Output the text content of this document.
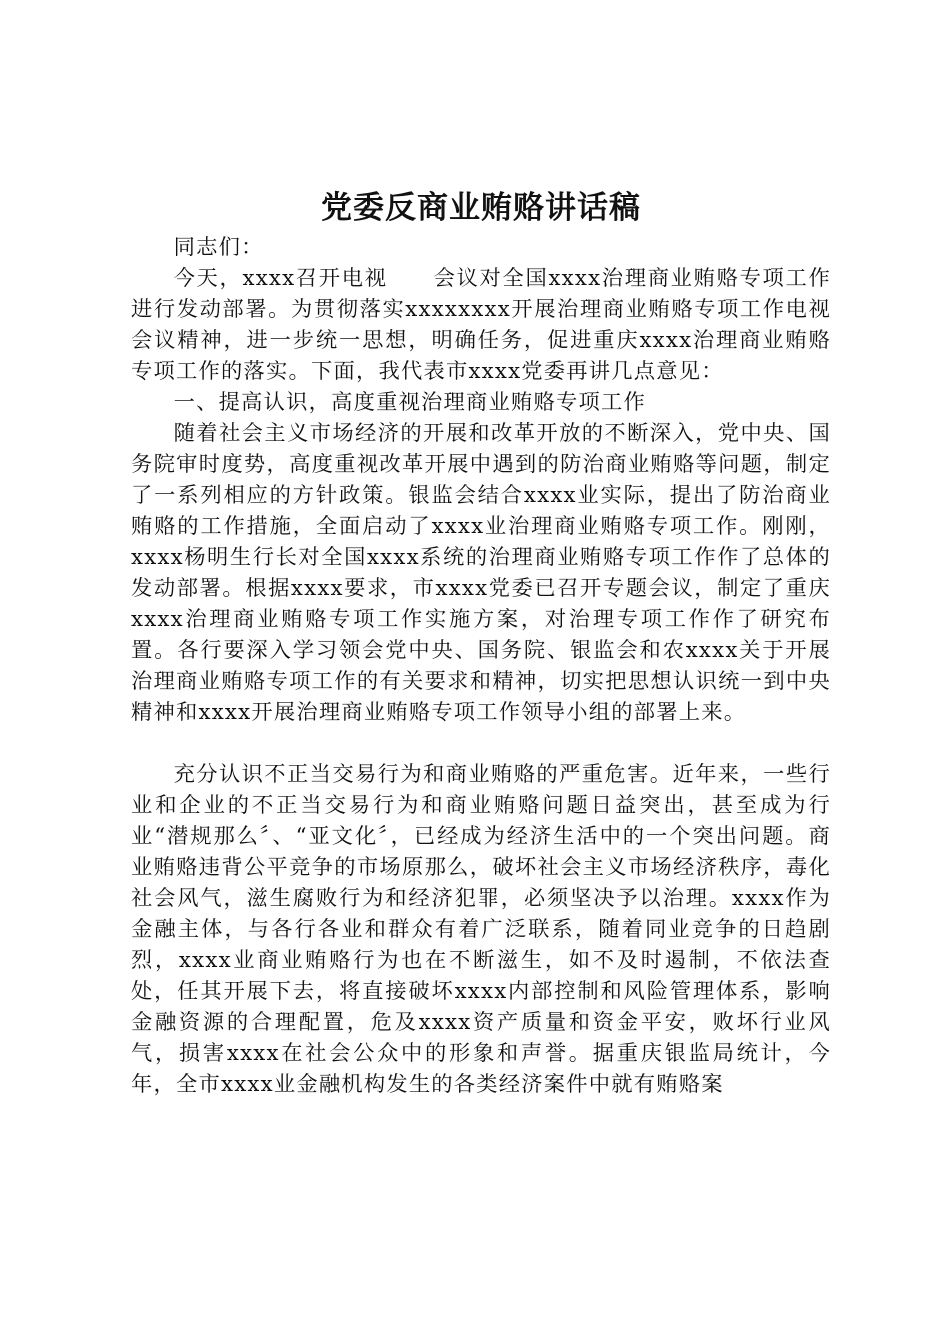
党委反商业贿赂讲话稿

同志们：

今天，xxxx召开电视　　会议对全国xxxx治理商业贿赂专项工作进行发动部署。为贯彻落实xxxxxxxx开展治理商业贿赂专项工作电视　　会议精神，进一步统一思想，明确任务，促进重庆xxxx治理商业贿赂专项工作的落实。下面，我代表市xxxx党委再讲几点意见：

一、提高认识，高度重视治理商业贿赂专项工作

随着社会主义市场经济的开展和改革开放的不断深入，党中央、国务院审时度势，高度重视改革开展中遇到的防治商业贿赂等问题，制定了一系列相应的方针政策。银监会结合xxxx业实际，提出了防治商业贿赂的工作措施，全面启动了xxxx业治理商业贿赂专项工作。刚刚，xxxx杨明生行长对全国xxxx系统的治理商业贿赂专项工作作了总体的发动部署。根据xxxx要求，市xxxx党委已召开专题会议，制定了重庆xxxx治理商业贿赂专项工作实施方案，对治理专项工作作了研究布置。各行要深入学习领会党中央、国务院、银监会和农xxxx关于开展治理商业贿赂专项工作的有关要求和精神，切实把思想认识统一到中央精神和xxxx开展治理商业贿赂专项工作领导小组的部署上来。

充分认识不正当交易行为和商业贿赂的严重危害。近年来，一些行业和企业的不正当交易行为和商业贿赂问题日益突出，甚至成为行业“潜规那么〞、“亚文化〞，已经成为经济生活中的一个突出问题。商业贿赂违背公平竞争的市场原那么，破坏社会主义市场经济秩序，毒化社会风气，滋生腐败行为和经济犯罪，必须坚决予以治理。xxxx作为金融主体，与各行各业和群众有着广泛联系，随着同业竞争的日趋剧烈，xxxx业商业贿赂行为也在不断滋生，如不及时遏制，不依法查处，任其开展下去，将直接破坏xxxx内部控制和风险管理体系，影响金融资源的合理配置，危及xxxx资产质量和资金平安，败坏行业风气，损害xxxx在社会公众中的形象和声誉。据重庆银监局统计，今年，全市xxxx业金融机构发生的各类经济案件中就有贿赂案
